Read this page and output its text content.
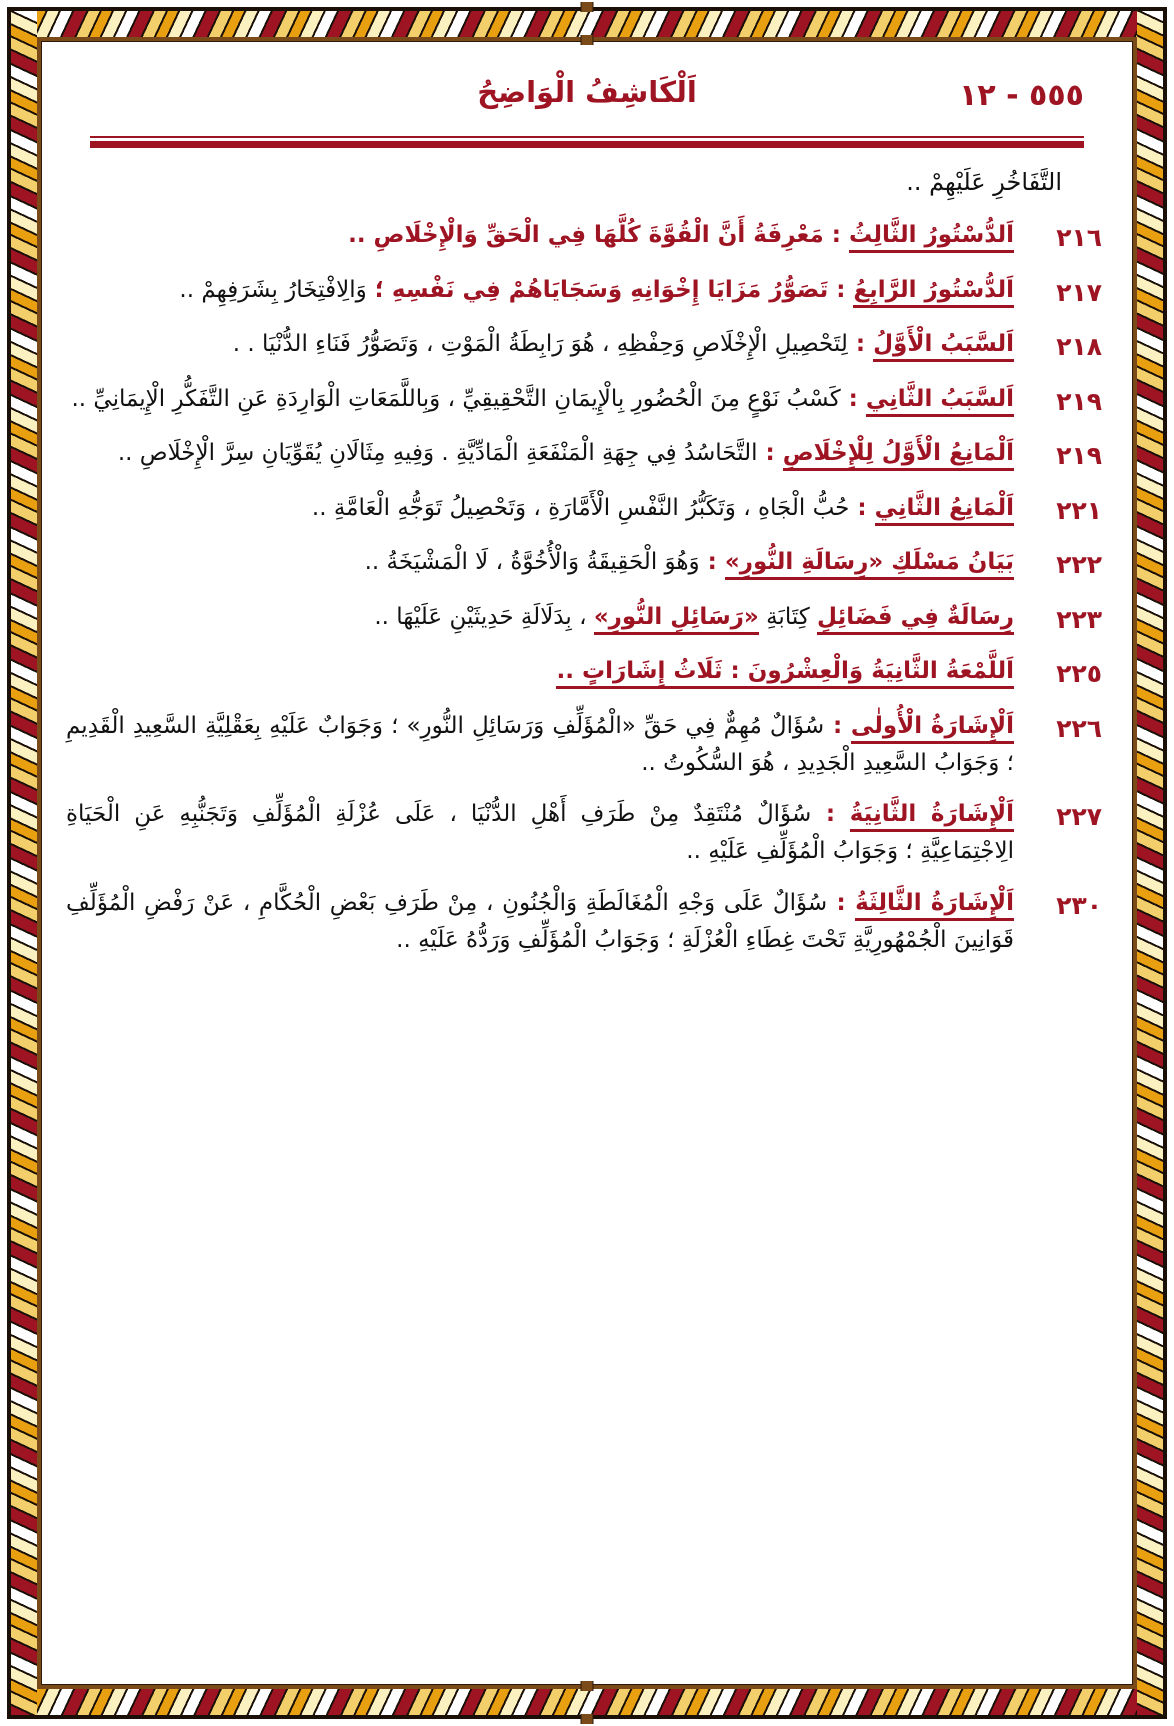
١٢ - ٥٥٥
اَلْكَاشِفُ الْوَاضِحُ
التَّفَاخُرِ عَلَيْهِمْ ..
٢١٦
اَلدُّسْتُورُ الثَّالِثُ : مَعْرِفَةُ أَنَّ الْقُوَّةَ كُلَّهَا فِي الْحَقِّ وَالْإِخْلَاصِ ..
٢١٧
اَلدُّسْتُورُ الرَّابِعُ : تَصَوُّرُ مَزَايَا إِخْوَانِهِ وَسَجَايَاهُمْ فِي نَفْسِهِ ؛ وَالِافْتِخَارُ بِشَرَفِهِمْ ..
٢١٨
اَلسَّبَبُ الْأَوَّلُ : لِتَحْصِيلِ الْإِخْلَاصِ وَحِفْظِهِ ، هُوَ رَابِطَةُ الْمَوْتِ ، وَتَصَوُّرُ فَنَاءِ الدُّنْيَا . .
٢١٩
اَلسَّبَبُ الثَّانِي : كَسْبُ نَوْعٍ مِنَ الْحُضُورِ بِالْإِيمَانِ التَّحْقِيقِيِّ ، وَبِاللَّمَعَاتِ الْوَارِدَةِ عَنِ التَّفَكُّرِ الْإِيمَانِيِّ ..
٢١٩
اَلْمَانِعُ الْأَوَّلُ لِلْإِخْلَاصِ : التَّحَاسُدُ فِي جِهَةِ الْمَنْفَعَةِ الْمَادِّيَّةِ . وَفِيهِ مِثَالَانِ يُقَوِّيَانِ سِرَّ الْإِخْلَاصِ ..
٢٢١
اَلْمَانِعُ الثَّانِي : حُبُّ الْجَاهِ ، وَتَكَبُّرُ النَّفْسِ الْأَمَّارَةِ ، وَتَحْصِيلُ تَوَجُّهِ الْعَامَّةِ ..
٢٢٢
بَيَانُ مَسْلَكِ «رِسَالَةِ النُّورِ» : وَهُوَ الْحَقِيقَةُ وَالْأُخُوَّةُ ، لَا الْمَشْيَخَةُ ..
٢٢٣
رِسَالَةٌ فِي فَضَائِلِ كِتَابَةِ «رَسَائِلِ النُّورِ» ، بِدَلَالَةِ حَدِيثَيْنِ عَلَيْهَا ..
٢٢٥
اَللَّمْعَةُ الثَّانِيَةُ وَالْعِشْرُونَ : ثَلَاثُ إِشَارَاتٍ ..
٢٢٦
اَلْإِشَارَةُ الْأُولٰى : سُؤَالٌ مُهِمٌّ فِي حَقِّ «الْمُؤَلِّفِ وَرَسَائِلِ النُّورِ» ؛ وَجَوَابٌ عَلَيْهِ بِعَقْلِيَّةِ السَّعِيدِ الْقَدِيمِ ؛ وَجَوَابُ السَّعِيدِ الْجَدِيدِ ، هُوَ السُّكُوتُ ..
٢٢٧
اَلْإِشَارَةُ الثَّانِيَةُ : سُؤَالٌ مُنْتَقِدٌ مِنْ طَرَفِ أَهْلِ الدُّنْيَا ، عَلَى عُزْلَةِ الْمُؤَلِّفِ وَتَجَنُّبِهِ عَنِ الْحَيَاةِ الِاجْتِمَاعِيَّةِ ؛ وَجَوَابُ الْمُؤَلِّفِ عَلَيْهِ ..
٢٣٠
اَلْإِشَارَةُ الثَّالِثَةُ : سُؤَالٌ عَلَى وَجْهِ الْمُغَالَطَةِ وَالْجُنُونِ ، مِنْ طَرَفِ بَعْضِ الْحُكَّامِ ، عَنْ رَفْضِ الْمُؤَلِّفِ قَوَانِينَ الْجُمْهُورِيَّةِ تَحْتَ غِطَاءِ الْعُزْلَةِ ؛ وَجَوَابُ الْمُؤَلِّفِ وَرَدُّهُ عَلَيْهِ ..
